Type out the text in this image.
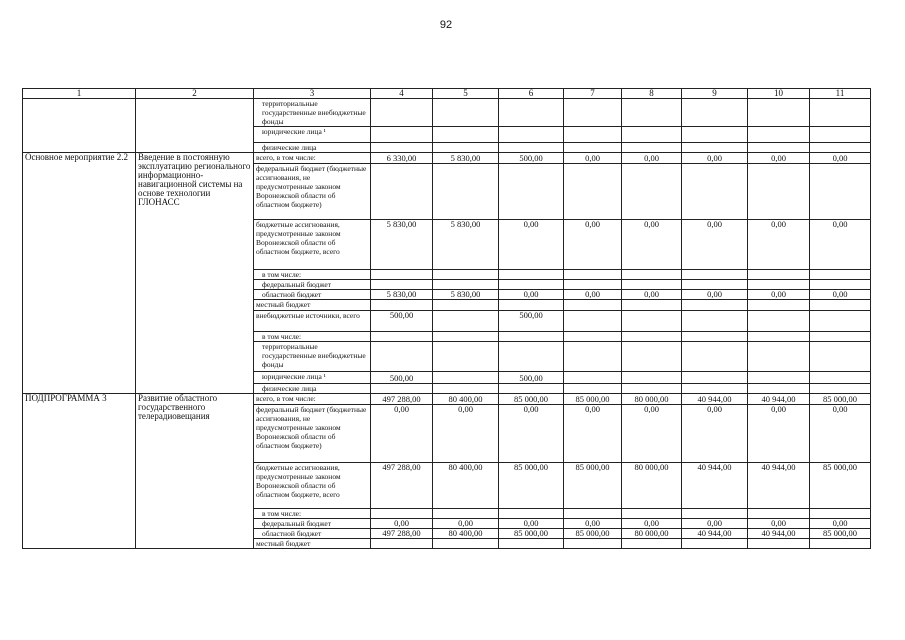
92
1	2	3	4	5	6	7	8	9	10	11
		территориальные государственные внебюджетные фонды								
		юридические лица ¹								
		физические лица								
Основное мероприятие 2.2	Введение в постоянную эксплуатацию регионального информационно-навигационной системы на основе технологии ГЛОНАСС	всего, в том числе:	6 330,00	5 830,00	500,00	0,00	0,00	0,00	0,00	0,00
		федеральный бюджет (бюджетные ассигнования, не предусмотренные законом Воронежской области об областном бюджете)								
		бюджетные ассигнования, предусмотренные законом Воронежской области об областном бюджете, всего	5 830,00	5 830,00	0,00	0,00	0,00	0,00	0,00	0,00
		в том числе:								
		федеральный бюджет								
		областной бюджет	5 830,00	5 830,00	0,00	0,00	0,00	0,00	0,00	0,00
		местный бюджет								
		внебюджетные источники, всего	500,00		500,00					
		в том числе:								
		территориальные государственные внебюджетные фонды								
		юридические лица ¹	500,00		500,00					
		физические лица								
ПОДПРОГРАММА 3	Развитие областного государственного телерадиовещания	всего, в том числе:	497 288,00	80 400,00	85 000,00	85 000,00	80 000,00	40 944,00	40 944,00	85 000,00
		федеральный бюджет (бюджетные ассигнования, не предусмотренные законом Воронежской области об областном бюджете)	0,00	0,00	0,00	0,00	0,00	0,00	0,00	0,00
		бюджетные ассигнования, предусмотренные законом Воронежской области об областном бюджете, всего	497 288,00	80 400,00	85 000,00	85 000,00	80 000,00	40 944,00	40 944,00	85 000,00
		в том числе:								
		федеральный бюджет	0,00	0,00	0,00	0,00	0,00	0,00	0,00	0,00
		областной бюджет	497 288,00	80 400,00	85 000,00	85 000,00	80 000,00	40 944,00	40 944,00	85 000,00
		местный бюджет								
